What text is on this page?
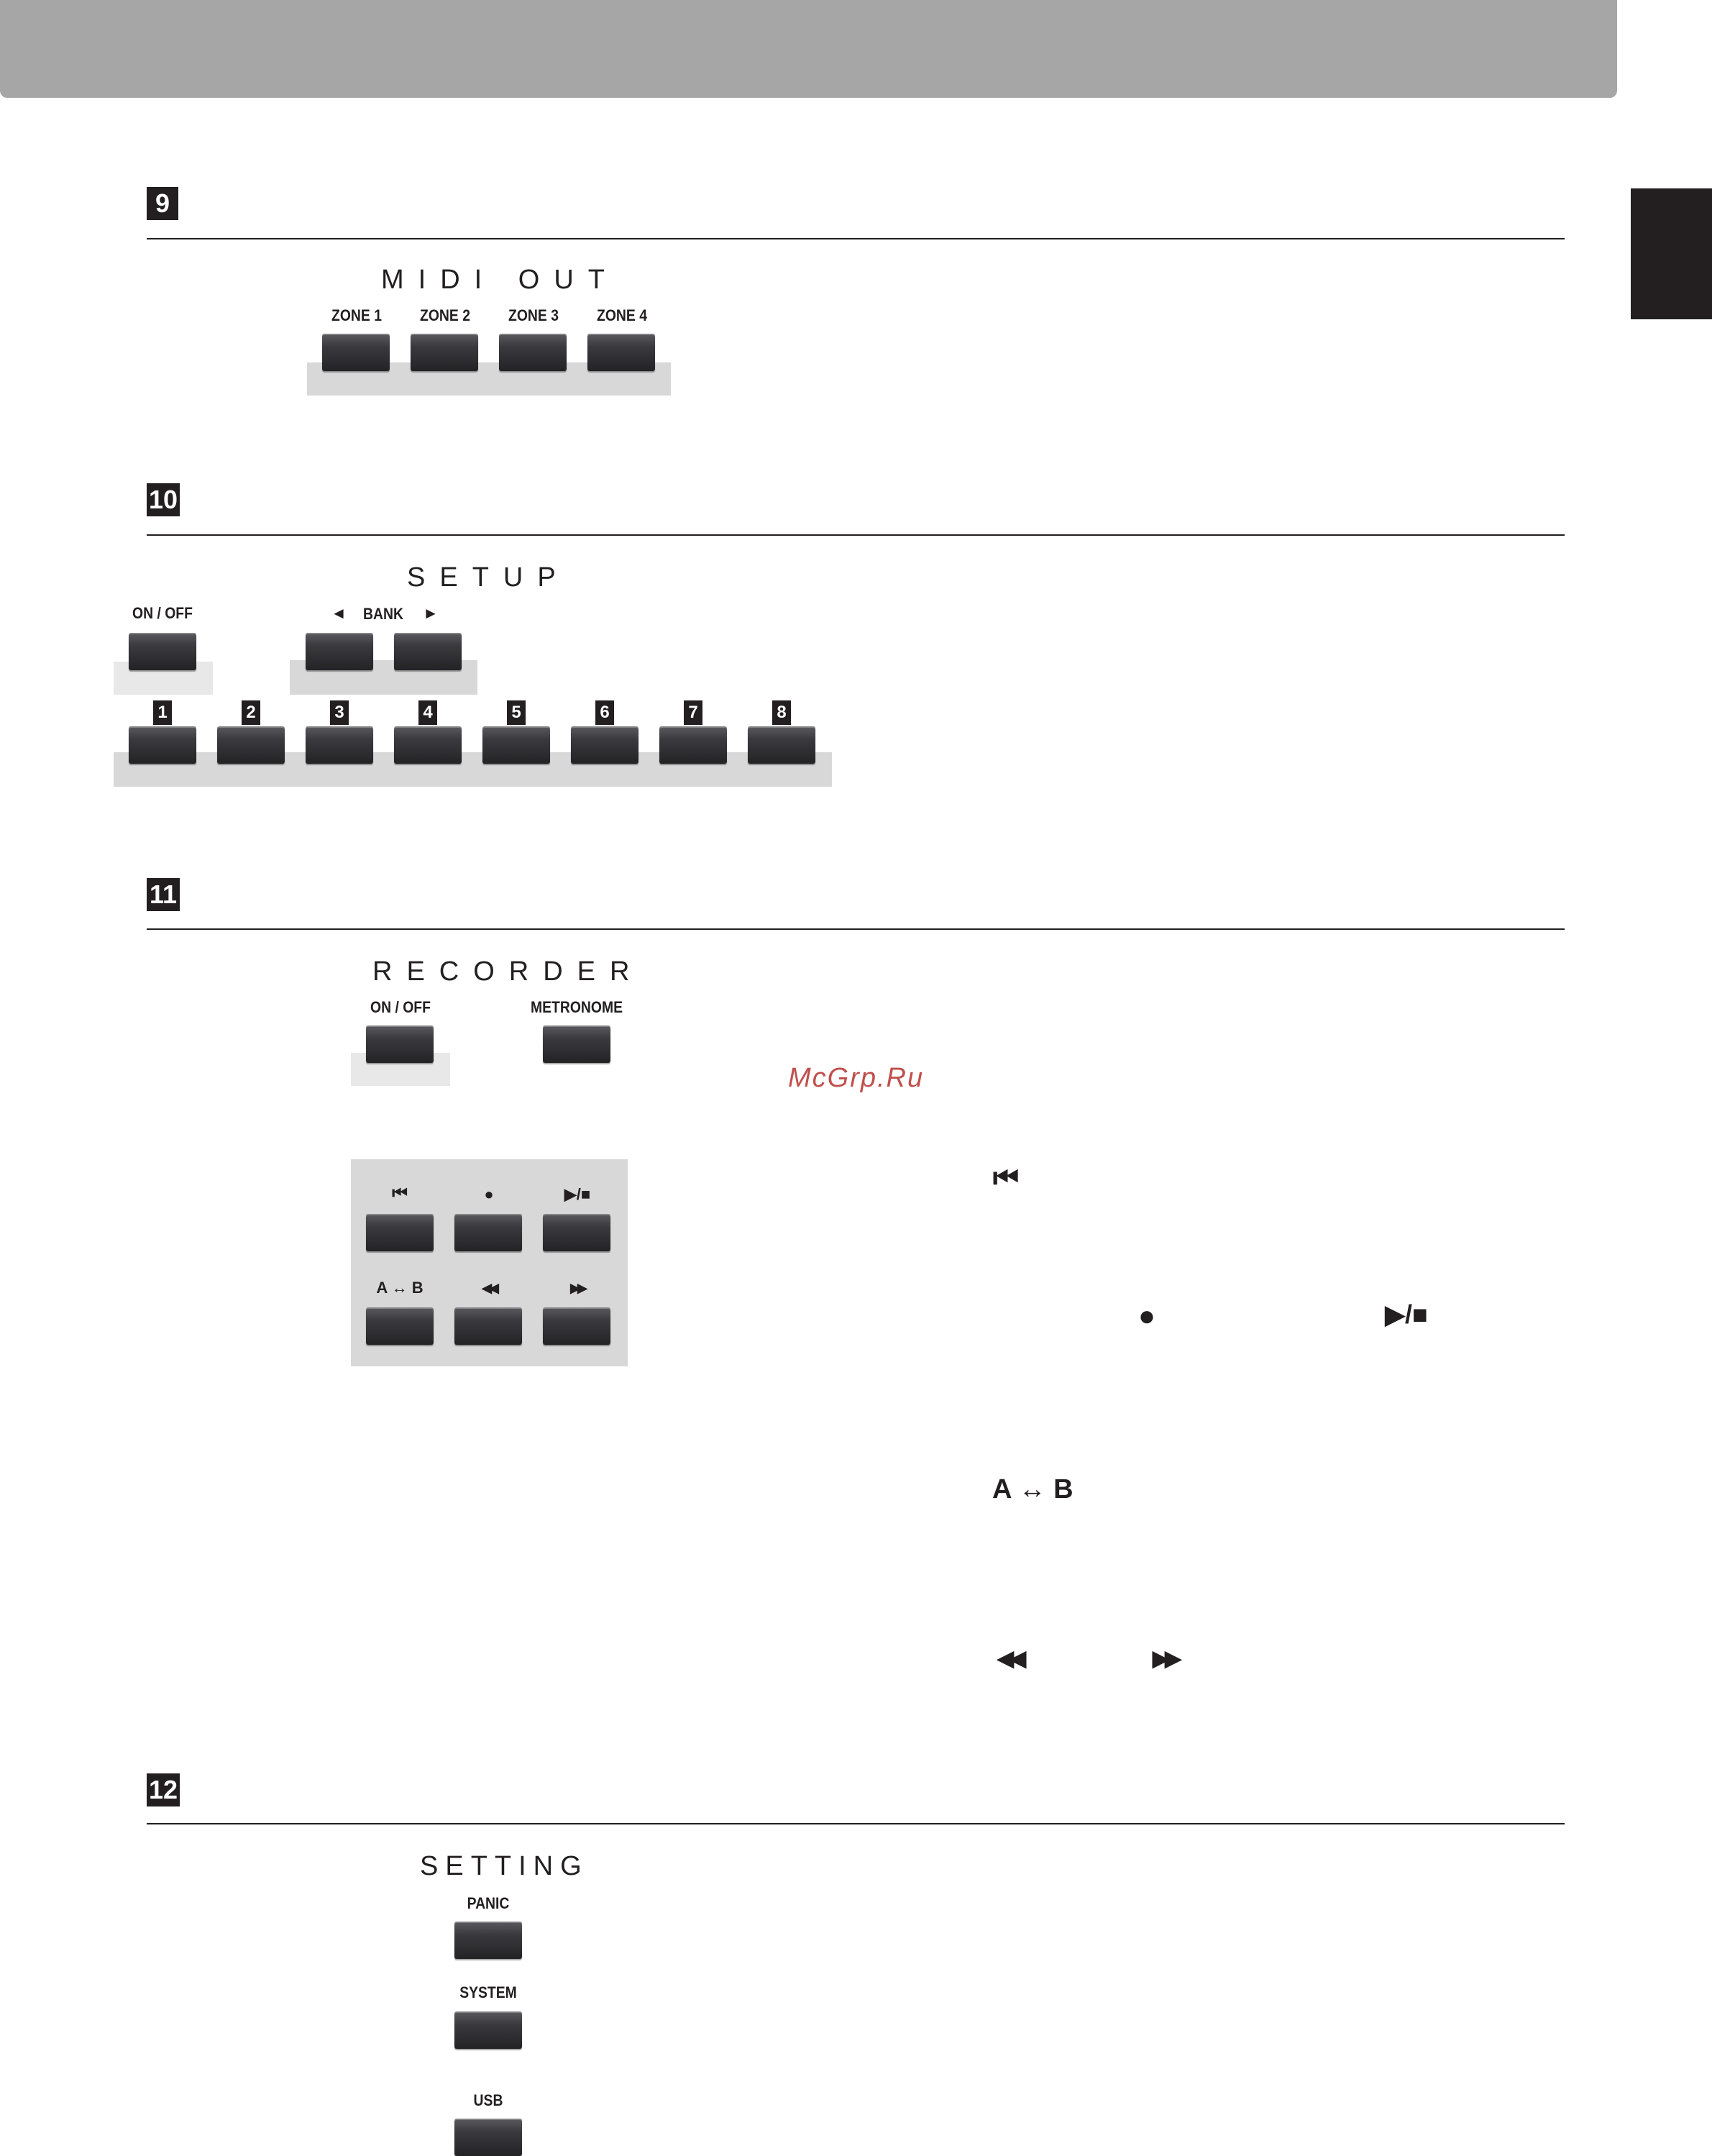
9
MIDI OUT
ZONE 1	ZONE 2	ZONE 3	ZONE 4
10
SETUP
ON / OFF	◄	BANK	►
1	2	3	4	5	6	7	8
11
RECORDER
ON / OFF	METRONOME
McGrp.Ru
⏮	●	▶/■
A ↔ B	◀◀	▶▶
⏮
●	▶/■
A ↔ B
◀◀	▶▶
12
SETTING
PANIC
SYSTEM
USB
